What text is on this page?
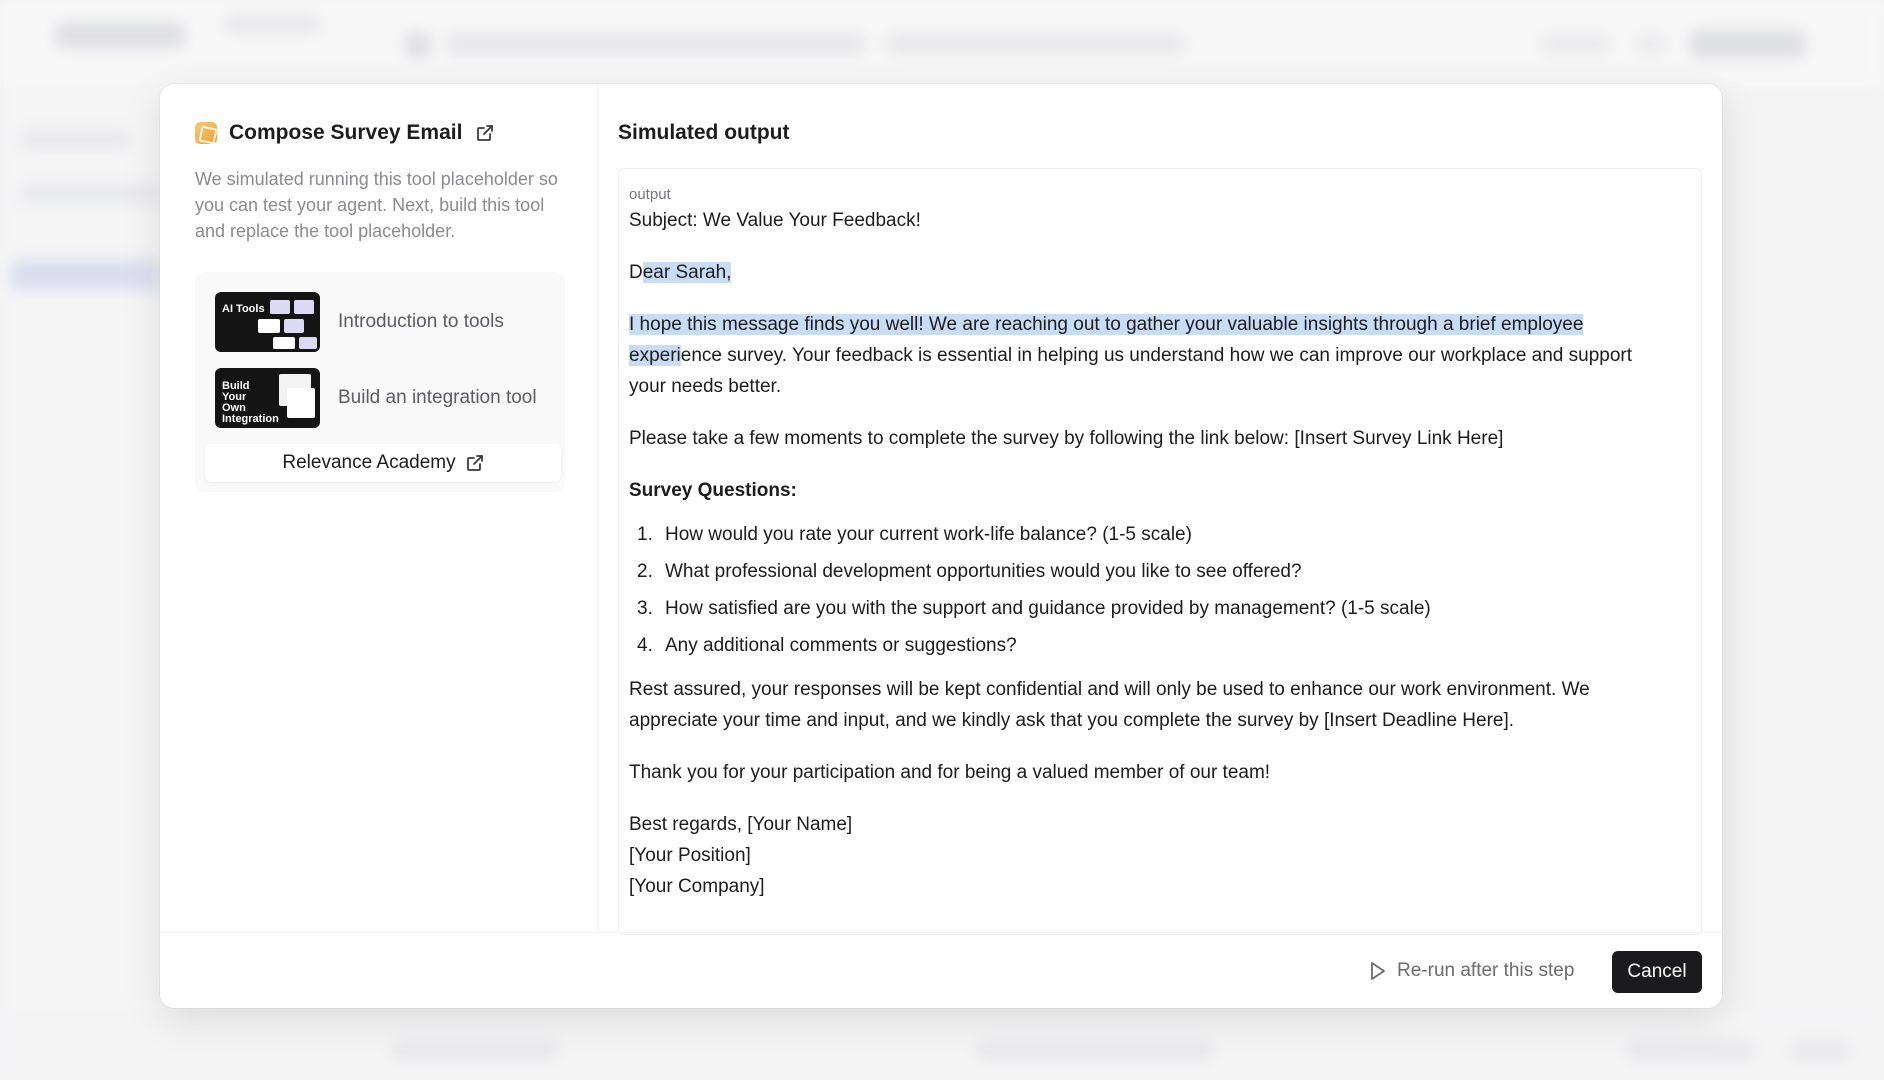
Compose Survey Email

We simulated running this tool placeholder so you can test your agent. Next, build this tool and replace the tool placeholder.

AI Tools
Introduction to tools
Build Your Own Integration
Build an integration tool
Relevance Academy
Simulated output
output

Subject: We Value Your Feedback!

Dear Sarah,

I hope this message finds you well! We are reaching out to gather your valuable insights through a brief employee
experience survey. Your feedback is essential in helping us understand how we can improve our workplace and support
your needs better.

Please take a few moments to complete the survey by following the link below: [Insert Survey Link Here]

Survey Questions:

1. How would you rate your current work-life balance? (1-5 scale)
2. What professional development opportunities would you like to see offered?
3. How satisfied are you with the support and guidance provided by management? (1-5 scale)
4. Any additional comments or suggestions?

Rest assured, your responses will be kept confidential and will only be used to enhance our work environment. We
appreciate your time and input, and we kindly ask that you complete the survey by [Insert Deadline Here].

Thank you for your participation and for being a valued member of our team!

Best regards, [Your Name]
[Your Position]
[Your Company]

Re-run after this step	Cancel
